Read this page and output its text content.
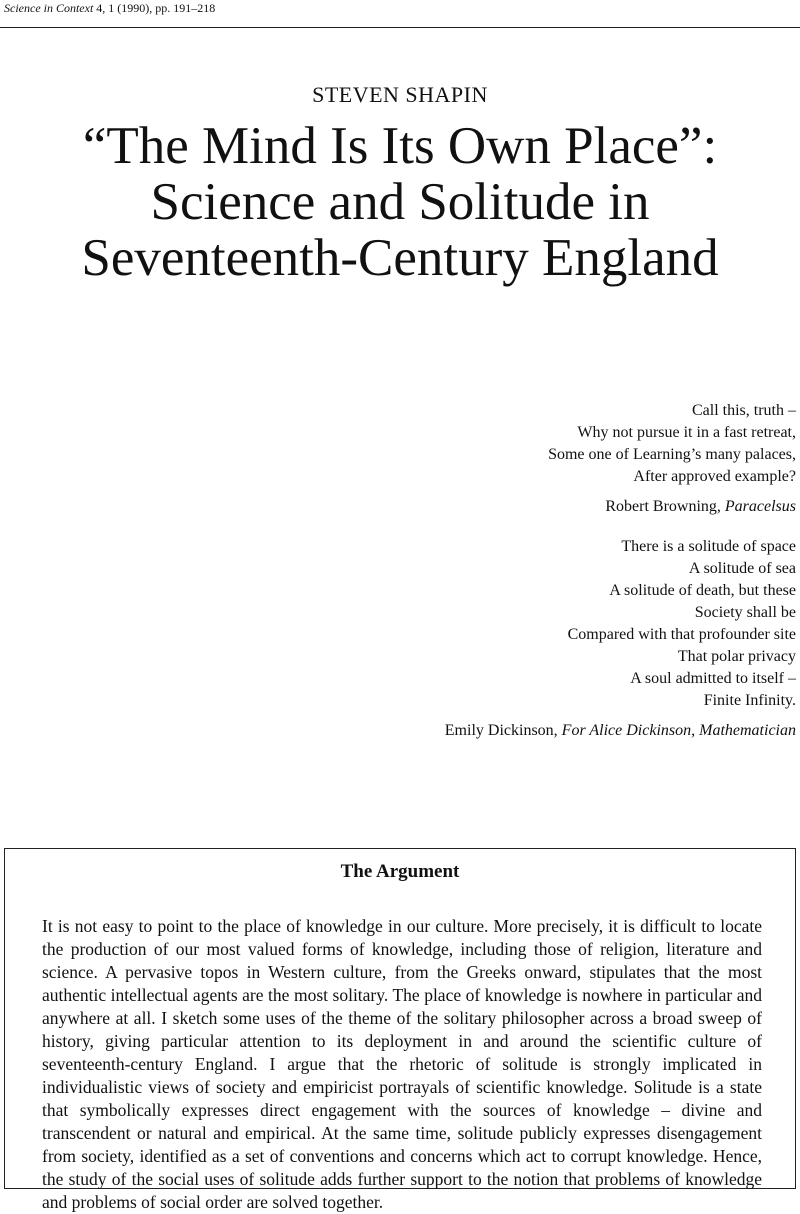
Science in Context 4, 1 (1990), pp. 191–218
STEVEN SHAPIN
“The Mind Is Its Own Place”:
Science and Solitude in
Seventeenth-Century England
Call this, truth –
Why not pursue it in a fast retreat,
Some one of Learning’s many palaces,
After approved example?
Robert Browning, Paracelsus
There is a solitude of space
A solitude of sea
A solitude of death, but these
Society shall be
Compared with that profounder site
That polar privacy
A soul admitted to itself –
Finite Infinity.
Emily Dickinson, For Alice Dickinson, Mathematician
The Argument
It is not easy to point to the place of knowledge in our culture. More precisely, it is difficult to locate the production of our most valued forms of knowledge, including those of religion, literature and science. A pervasive topos in Western culture, from the Greeks onward, stipulates that the most authentic intellectual agents are the most solitary. The place of knowledge is nowhere in particular and anywhere at all. I sketch some uses of the theme of the solitary philosopher across a broad sweep of history, giving particular attention to its deployment in and around the scientific culture of seventeenth-century England. I argue that the rhetoric of solitude is strongly implicated in individualistic views of society and empiricist portrayals of scientific knowledge. Solitude is a state that symbolically expresses direct engagement with the sources of knowledge – divine and transcendent or natural and empirical. At the same time, solitude publicly expresses disengagement from society, identified as a set of conventions and concerns which act to corrupt knowledge. Hence, the study of the social uses of solitude adds further support to the notion that problems of knowledge and problems of social order are solved together.
